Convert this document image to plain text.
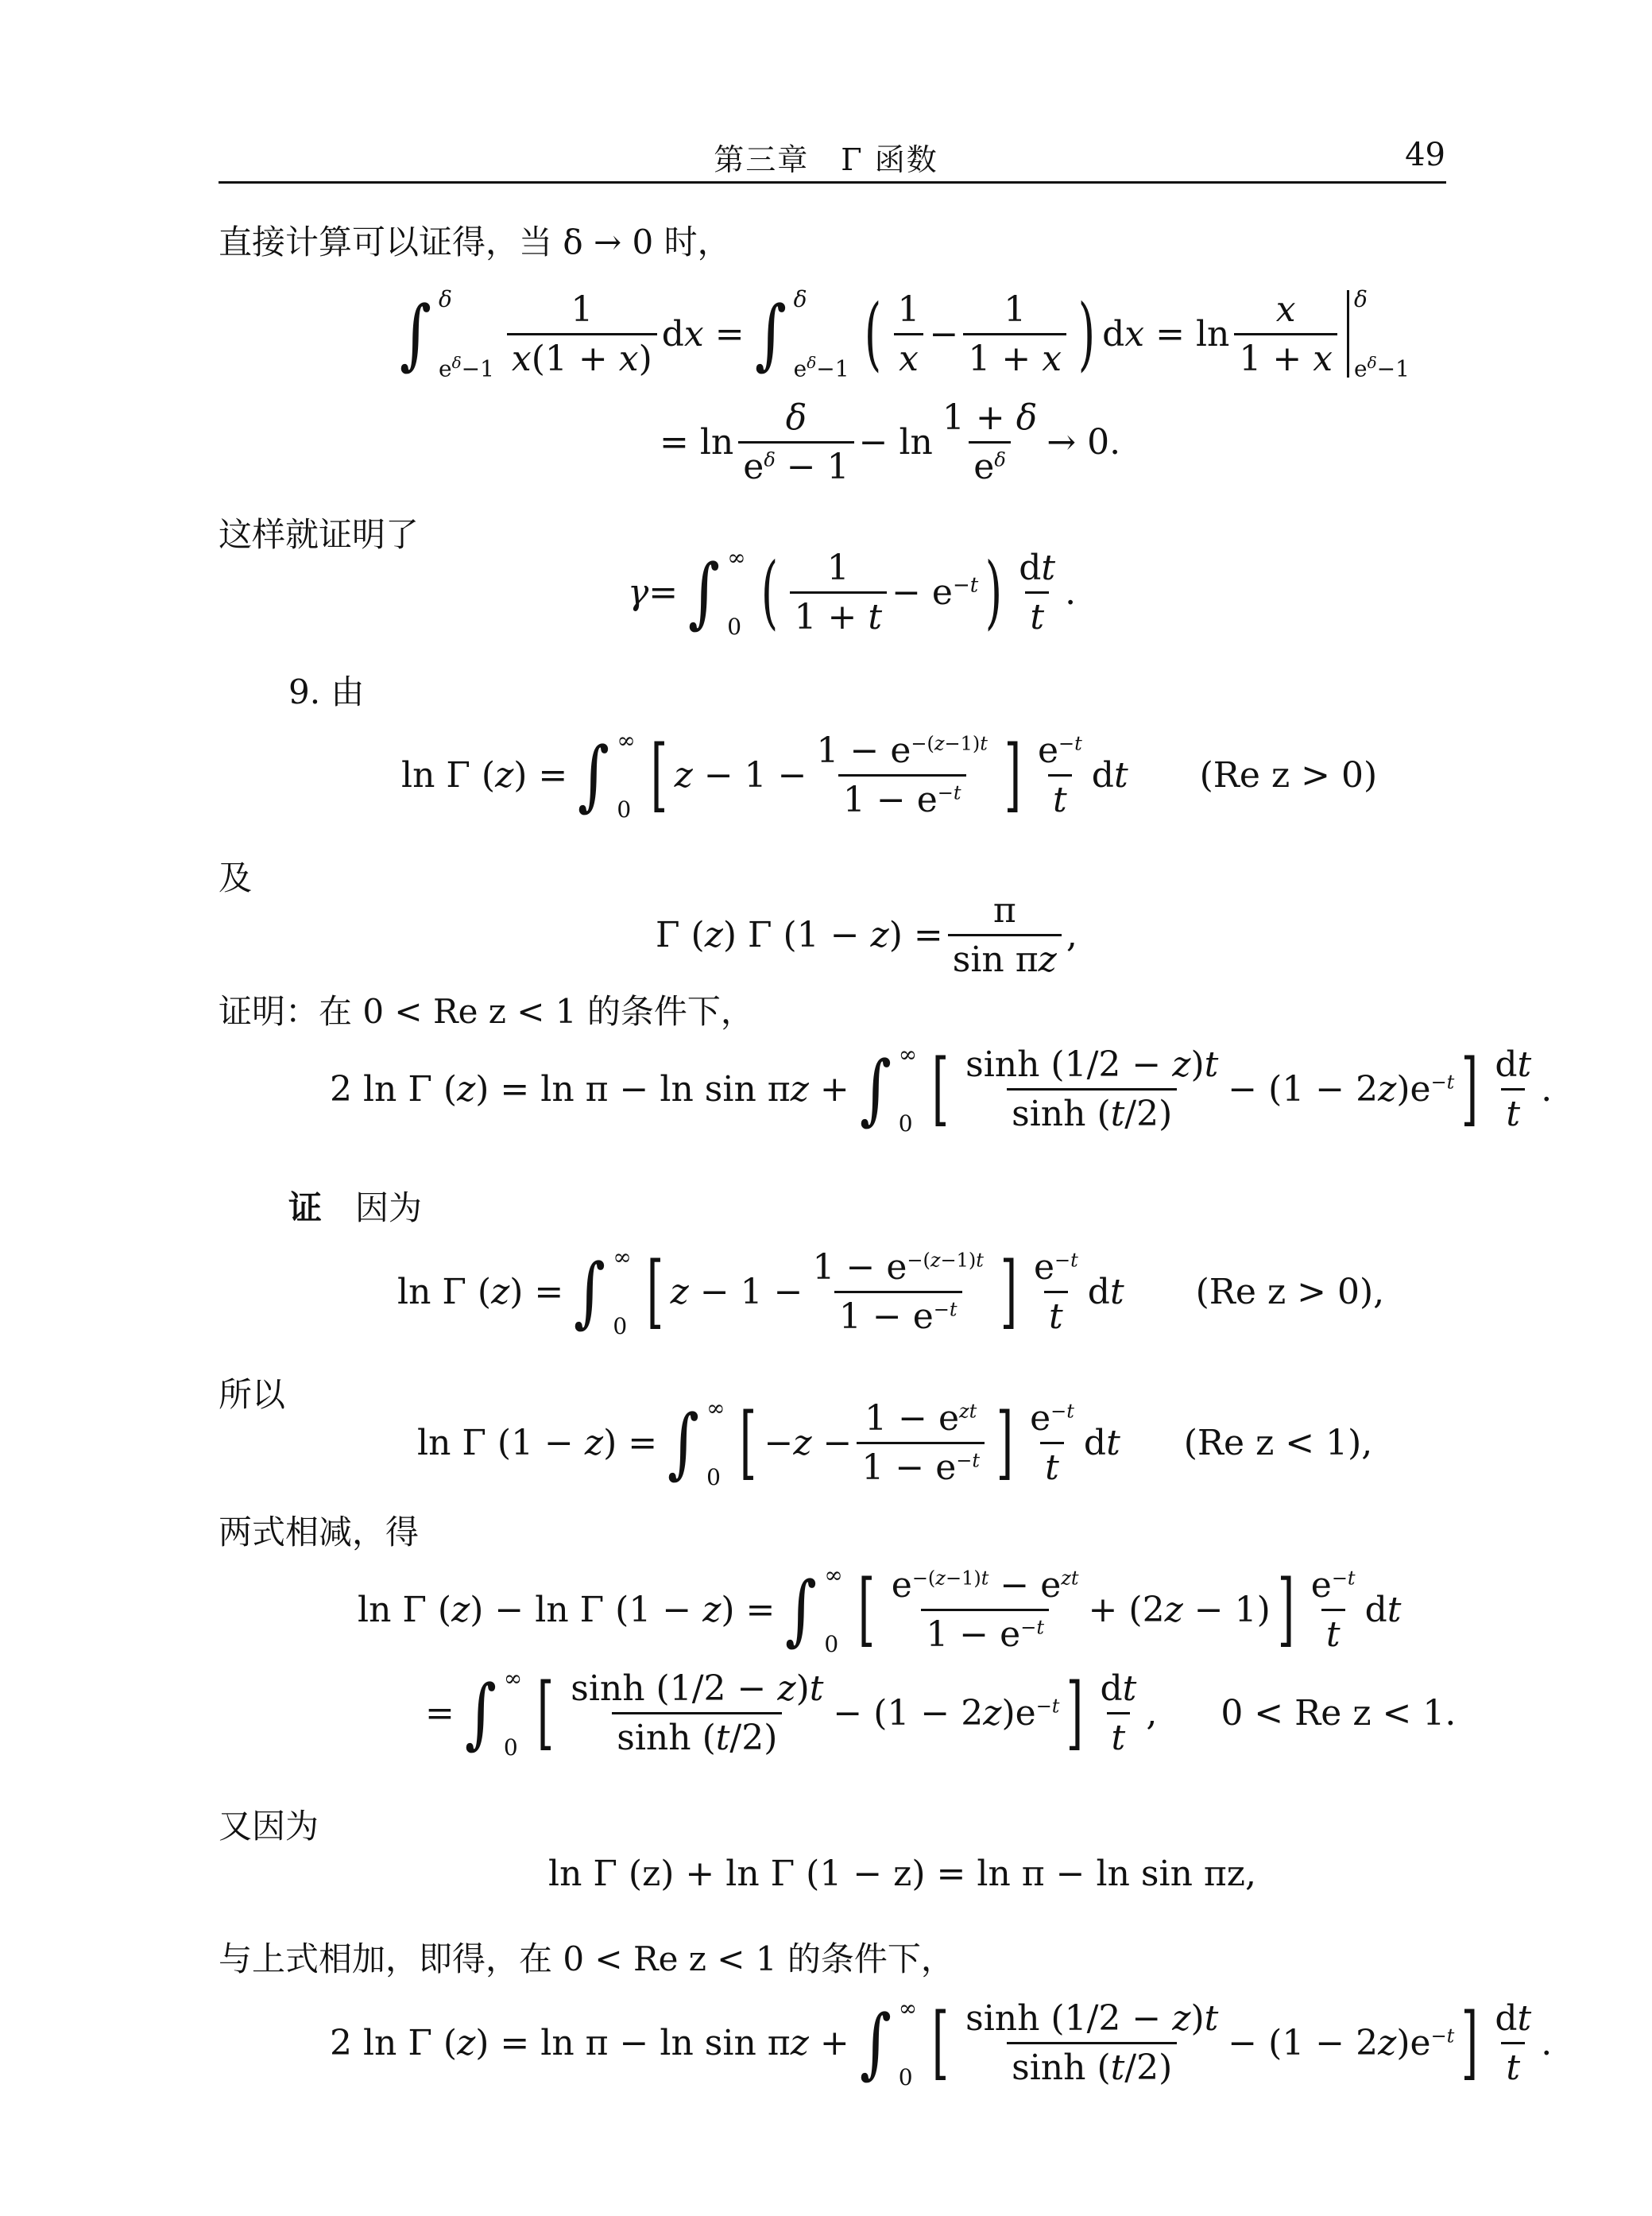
第三章　Γ 函数	49
直接计算可以证得，当 δ → 0 时，
∫ δ
$e^\delta-1 \frac{1}{x(1 + x)}$ dx = ∫ δ
$e^\delta-1$ ( $\frac{1}{x} - \frac{1}{1 + x}$ ) dx = $\ln \frac{x}{1 + x}$ δ
$e^\delta-1$
= $\ln \frac{\delta}{e^\delta - 1} - \ln \frac{1 + \delta}{e^\delta} \to 0$.
这样就证明了
γ = ∫ ∞
0 ( $\frac{1}{1 + t} - e^{-t}$ ) $\frac{dt}{t}$ .
9. 由
ln Γ (z) = ∫ ∞
0 [ $z - 1 - \frac{1 - e^{-(z-1)t}}{1 - e^{-t}}$ ] $\frac{e^{-t}}{t}$ dt (Re z > 0)
及
Γ (z) Γ $(1 - z) = \frac{\pi}{\text{sin πz}}$ ,
证明：在 0 < Re z < 1 的条件下，
2 ln Γ (z) = ln π − ln sin πz + ∫ ∞
0 [ $\frac{\sinh (1/2 - z)t}{\sinh (t/2)} - (1 - 2z)e^{-t}$ ] $\frac{dt}{t}$ .
证 因为
ln Γ (z) = ∫ ∞
0 [ $z - 1 - \frac{1 - e^{-(z-1)t}}{1 - e^{-t}}$ ] $\frac{e^{-t}}{t}$ dt (Re z > 0),
所以
ln Γ (1 − z) = ∫ ∞
0 [ $-z - \frac{1 - e^{zt}}{1 - e^{-t}}$ ] $\frac{e^{-t}}{t}$ dt (Re z < 1),
两式相减，得
ln Γ (z) − ln Γ (1 − z) = ∫ ∞
0 [ $\frac{e^{-(z-1)t} - e^{zt}}{1 - e^{-t}} + (2z - 1)$ ] $\frac{e^{-t}}{t}$ dt
= ∫ ∞
0 [ $\frac{\sinh (1/2 - z)t}{\sinh (t/2)} - (1 - 2z)e^{-t}$ ] $\frac{dt}{t}$ , 0 < Re z < 1.
又因为
ln Γ (z) + ln Γ (1 − z) = ln π − ln sin πz,
与上式相加，即得，在 0 < Re z < 1 的条件下，
2 ln Γ (z) = ln π − ln sin πz + ∫ ∞
0 [ $\frac{\sinh (1/2 - z)t}{\sinh (t/2)} - (1 - 2z)e^{-t}$ ] $\frac{dt}{t}$ .
